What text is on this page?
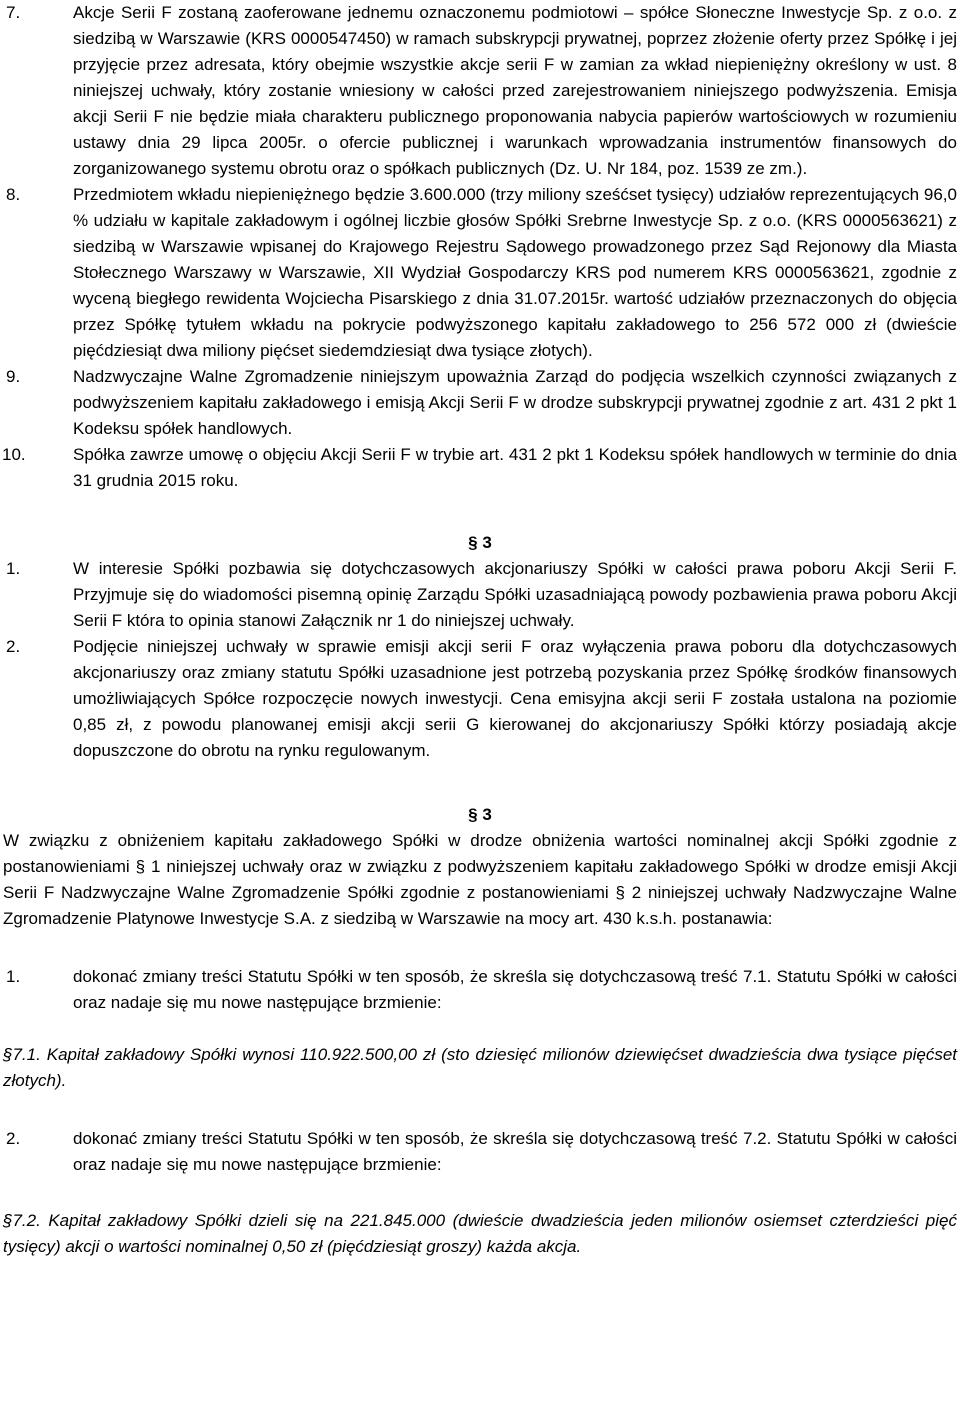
7.	Akcje Serii F zostaną zaoferowane jednemu oznaczonemu podmiotowi – spółce Słoneczne Inwestycje Sp. z o.o. z siedzibą w Warszawie (KRS 0000547450) w ramach subskrypcji prywatnej, poprzez złożenie oferty przez Spółkę i jej przyjęcie przez adresata, który obejmie wszystkie akcje serii F w zamian za wkład niepieniężny określony w ust. 8 niniejszej uchwały, który zostanie wniesiony w całości przed zarejestrowaniem niniejszego podwyższenia. Emisja akcji Serii F nie będzie miała charakteru publicznego proponowania nabycia papierów wartościowych w rozumieniu ustawy dnia 29 lipca 2005r. o ofercie publicznej i warunkach wprowadzania instrumentów finansowych do zorganizowanego systemu obrotu oraz o spółkach publicznych (Dz. U. Nr 184, poz. 1539 ze zm.).
8.	Przedmiotem wkładu niepieniężnego będzie 3.600.000 (trzy miliony sześćset tysięcy) udziałów reprezentujących 96,0 % udziału w kapitale zakładowym i ogólnej liczbie głosów Spółki Srebrne Inwestycje Sp. z o.o. (KRS 0000563621) z siedzibą w Warszawie wpisanej do Krajowego Rejestru Sądowego prowadzonego przez Sąd Rejonowy dla Miasta Stołecznego Warszawy w Warszawie, XII Wydział Gospodarczy KRS pod numerem KRS 0000563621, zgodnie z wyceną biegłego rewidenta Wojciecha Pisarskiego z dnia 31.07.2015r. wartość udziałów przeznaczonych do objęcia przez Spółkę tytułem wkładu na pokrycie podwyższonego kapitału zakładowego to 256 572 000 zł (dwieście pięćdziesiąt dwa miliony pięćset siedemdziesiąt dwa tysiące złotych).
9.	Nadzwyczajne Walne Zgromadzenie niniejszym upoważnia Zarząd do podjęcia wszelkich czynności związanych z podwyższeniem kapitału zakładowego i emisją Akcji Serii F w drodze subskrypcji prywatnej zgodnie z art. 431 2 pkt 1 Kodeksu spółek handlowych.
10.	Spółka zawrze umowę o objęciu Akcji Serii F w trybie art. 431 2 pkt 1 Kodeksu spółek handlowych w terminie do dnia 31 grudnia 2015 roku.

§ 3

1.	W interesie Spółki pozbawia się dotychczasowych akcjonariuszy Spółki w całości prawa poboru Akcji Serii F. Przyjmuje się do wiadomości pisemną opinię Zarządu Spółki uzasadniającą powody pozbawienia prawa poboru Akcji Serii F która to opinia stanowi Załącznik nr 1 do niniejszej uchwały.
2.	Podjęcie niniejszej uchwały w sprawie emisji akcji serii F oraz wyłączenia prawa poboru dla dotychczasowych akcjonariuszy oraz zmiany statutu Spółki uzasadnione jest potrzebą pozyskania przez Spółkę środków finansowych umożliwiających Spółce rozpoczęcie nowych inwestycji. Cena emisyjna akcji serii F została ustalona na poziomie 0,85 zł, z powodu planowanej emisji akcji serii G kierowanej do akcjonariuszy Spółki którzy posiadają akcje dopuszczone do obrotu na rynku regulowanym.

§ 3

W związku z obniżeniem kapitału zakładowego Spółki w drodze obniżenia wartości nominalnej akcji Spółki zgodnie z postanowieniami § 1 niniejszej uchwały oraz w związku z podwyższeniem kapitału zakładowego Spółki w drodze emisji Akcji Serii F Nadzwyczajne Walne Zgromadzenie Spółki zgodnie z postanowieniami § 2 niniejszej uchwały Nadzwyczajne Walne Zgromadzenie Platynowe Inwestycje S.A. z siedzibą w Warszawie na mocy art. 430 k.s.h. postanawia:

1.	dokonać zmiany treści Statutu Spółki w ten sposób, że skreśla się dotychczasową treść 7.1. Statutu Spółki w całości oraz nadaje się mu nowe następujące brzmienie:

§7.1. Kapitał zakładowy Spółki wynosi 110.922.500,00 zł (sto dziesięć milionów dziewięćset dwadzieścia dwa tysiące pięćset złotych).

2.	dokonać zmiany treści Statutu Spółki w ten sposób, że skreśla się dotychczasową treść 7.2. Statutu Spółki w całości oraz nadaje się mu nowe następujące brzmienie:

§7.2. Kapitał zakładowy Spółki dzieli się na 221.845.000 (dwieście dwadzieścia jeden milionów osiemset czterdzieści pięć tysięcy) akcji o wartości nominalnej 0,50 zł (pięćdziesiąt groszy) każda akcja.
